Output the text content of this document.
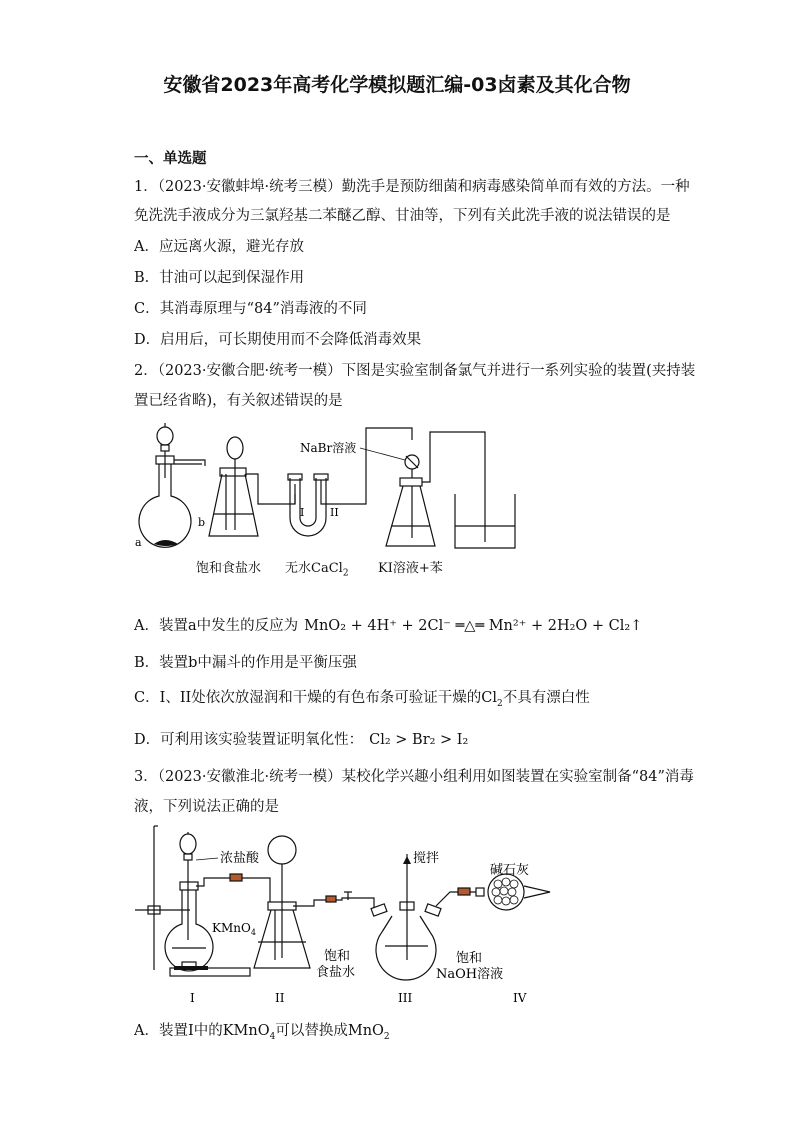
安徽省2023年高考化学模拟题汇编-03卤素及其化合物
一、单选题
1．（2023·安徽蚌埠·统考三模）勤洗手是预防细菌和病毒感染简单而有效的方法。一种
免洗洗手液成分为三氯羟基二苯醚乙醇、甘油等，下列有关此洗手液的说法错误的是
A．应远离火源，避光存放
B．甘油可以起到保湿作用
C．其消毒原理与“84”消毒液的不同
D．启用后，可长期使用而不会降低消毒效果
2．（2023·安徽合肥·统考一模）下图是实验室制备氯气并进行一系列实验的装置(夹持装
置已经省略)，有关叙述错误的是
a
b
I II
NaBr溶液
饱和食盐水 无水CaCl$_2$ KI溶液+苯
A．装置a中发生的反应为 MnO₂ + 4H⁺ + 2Cl⁻ ═△═ Mn²⁺ + 2H₂O + Cl₂↑
B．装置b中漏斗的作用是平衡压强
C．I、II处依次放湿润和干燥的有色布条可验证干燥的$Cl_2$不具有漂白性
D．可利用该实验装置证明氧化性： Cl₂ > Br₂ > I₂
3．（2023·安徽淮北·统考一模）某校化学兴趣小组利用如图装置在实验室制备“84”消毒
液，下列说法正确的是
浓盐酸
KMnO$_4$
搅拌
碱石灰
饱和
食盐水
饱和
NaOH溶液
I	II	III	IV
A．装置I中的KMnO$_4$可以替换成MnO$_2$
